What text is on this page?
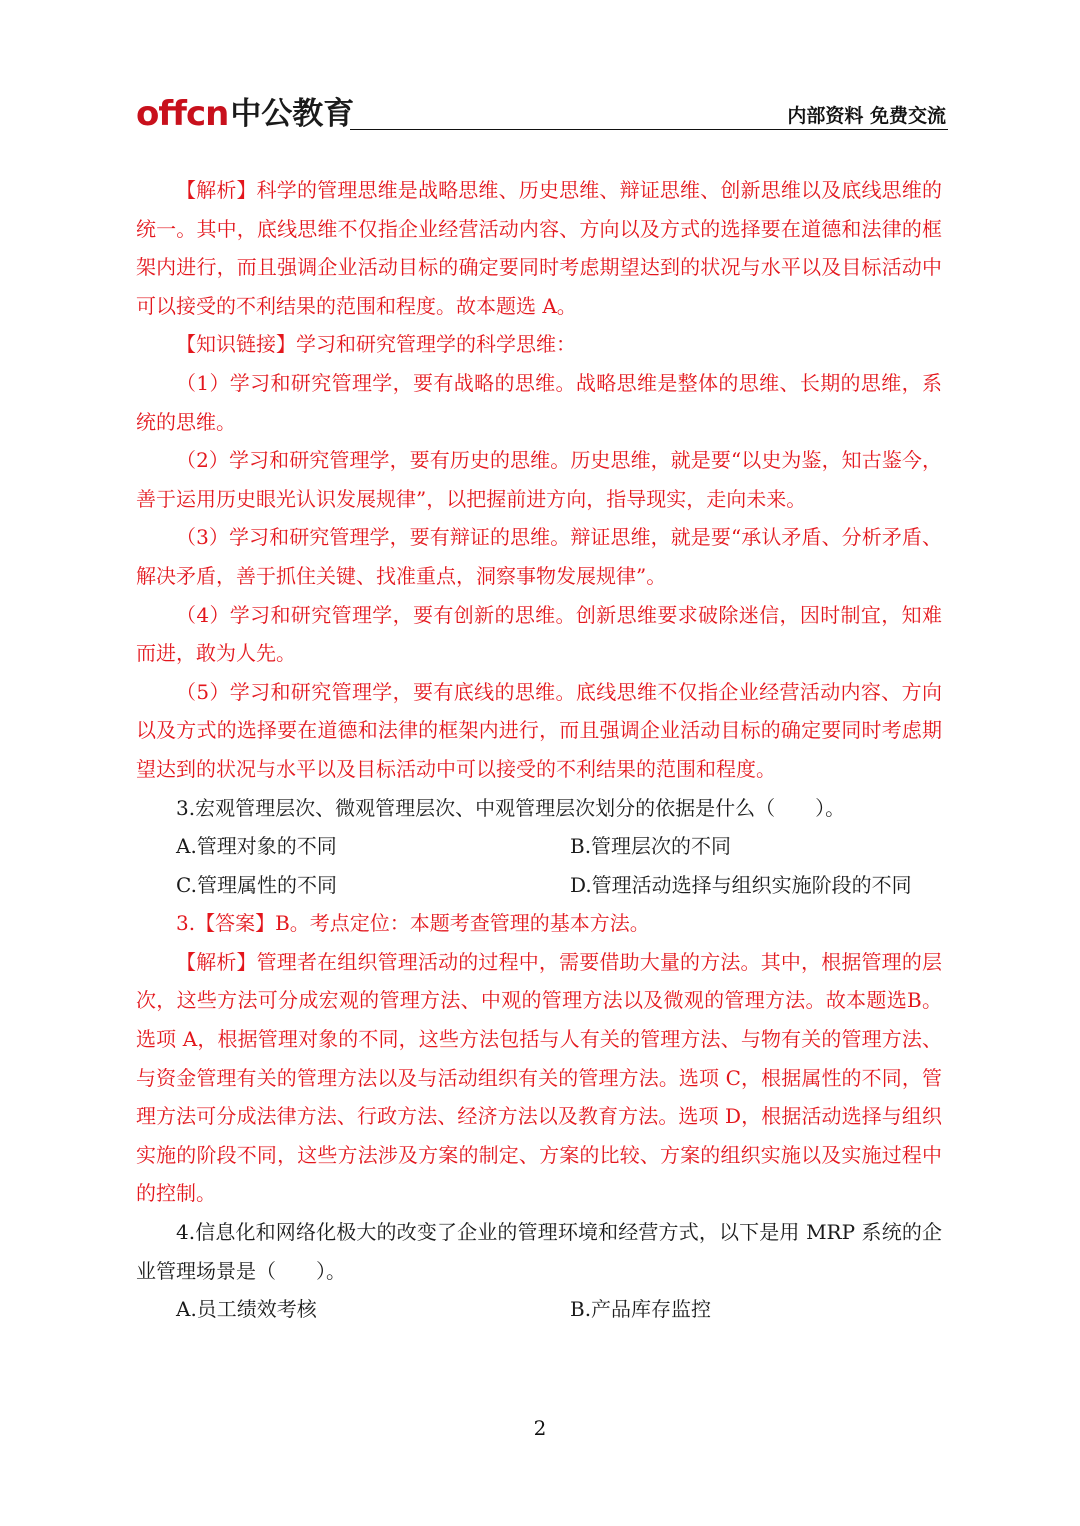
offcn 中公教育	内部资料 免费交流

【解析】科学的管理思维是战略思维、历史思维、辩证思维、创新思维以及底线思维的统一。其中，底线思维不仅指企业经营活动内容、方向以及方式的选择要在道德和法律的框架内进行，而且强调企业活动目标的确定要同时考虑期望达到的状况与水平以及目标活动中可以接受的不利结果的范围和程度。故本题选 A。

【知识链接】学习和研究管理学的科学思维：

（1）学习和研究管理学，要有战略的思维。战略思维是整体的思维、长期的思维，系统的思维。

（2）学习和研究管理学，要有历史的思维。历史思维，就是要“以史为鉴，知古鉴今，善于运用历史眼光认识发展规律”，以把握前进方向，指导现实，走向未来。

（3）学习和研究管理学，要有辩证的思维。辩证思维，就是要“承认矛盾、分析矛盾、解决矛盾，善于抓住关键、找准重点，洞察事物发展规律”。

（4）学习和研究管理学，要有创新的思维。创新思维要求破除迷信，因时制宜，知难而进，敢为人先。

（5）学习和研究管理学，要有底线的思维。底线思维不仅指企业经营活动内容、方向以及方式的选择要在道德和法律的框架内进行，而且强调企业活动目标的确定要同时考虑期望达到的状况与水平以及目标活动中可以接受的不利结果的范围和程度。

3.宏观管理层次、微观管理层次、中观管理层次划分的依据是什么（　　）。

A.管理对象的不同	B.管理层次的不同
C.管理属性的不同	D.管理活动选择与组织实施阶段的不同

3.【答案】B。考点定位：本题考查管理的基本方法。

【解析】管理者在组织管理活动的过程中，需要借助大量的方法。其中，根据管理的层次，这些方法可分成宏观的管理方法、中观的管理方法以及微观的管理方法。故本题选B。选项 A，根据管理对象的不同，这些方法包括与人有关的管理方法、与物有关的管理方法、与资金管理有关的管理方法以及与活动组织有关的管理方法。选项 C，根据属性的不同，管理方法可分成法律方法、行政方法、经济方法以及教育方法。选项 D，根据活动选择与组织实施的阶段不同，这些方法涉及方案的制定、方案的比较、方案的组织实施以及实施过程中的控制。

4.信息化和网络化极大的改变了企业的管理环境和经营方式，以下是用 MRP 系统的企业管理场景是（　　）。

A.员工绩效考核	B.产品库存监控
2
